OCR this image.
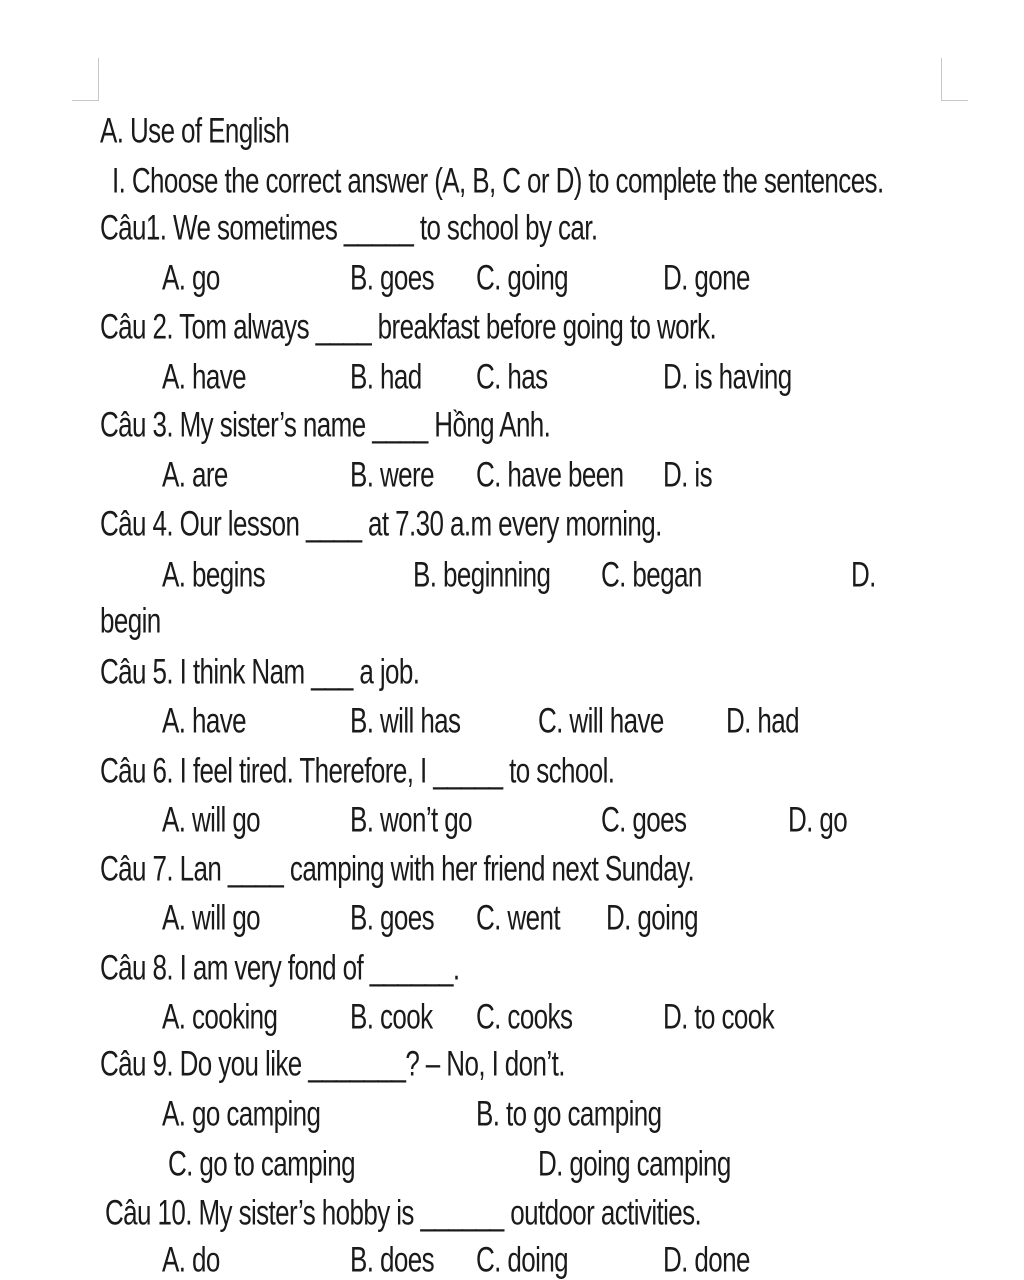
A. Use of English
I. Choose the correct answer (A, B, C or D) to complete the sentences.
Câu1. We sometimes _____ to school by car.
A. go	B. goes C. going	D. gone
Câu 2. Tom always ____ breakfast before going to work.
A. have	B. had C. has	D. is having
Câu 3. My sister’s name ____ Hồng Anh.
A. are	B. were C. have been D. is
Câu 4. Our lesson ____ at 7.30 a.m every morning.
A. begins	B. beginning C. began	D.
begin
Câu 5. I think Nam ___ a job.
A. have	B. will has	C. will have D. had
Câu 6. I feel tired. Therefore, I _____ to school.
A. will go	B. won’t go	C. goes	D. go
Câu 7. Lan ____ camping with her friend next Sunday.
A. will go	B. goes C. went D. going
Câu 8. I am very fond of ______.
A. cooking	B. cook C. cooks	D. to cook
Câu 9. Do you like _______? – No, I don’t.
A. go camping	B. to go camping
C. go to camping	D. going camping
Câu 10. My sister’s hobby is ______ outdoor activities.
A. do	B. does C. doing	D. done
